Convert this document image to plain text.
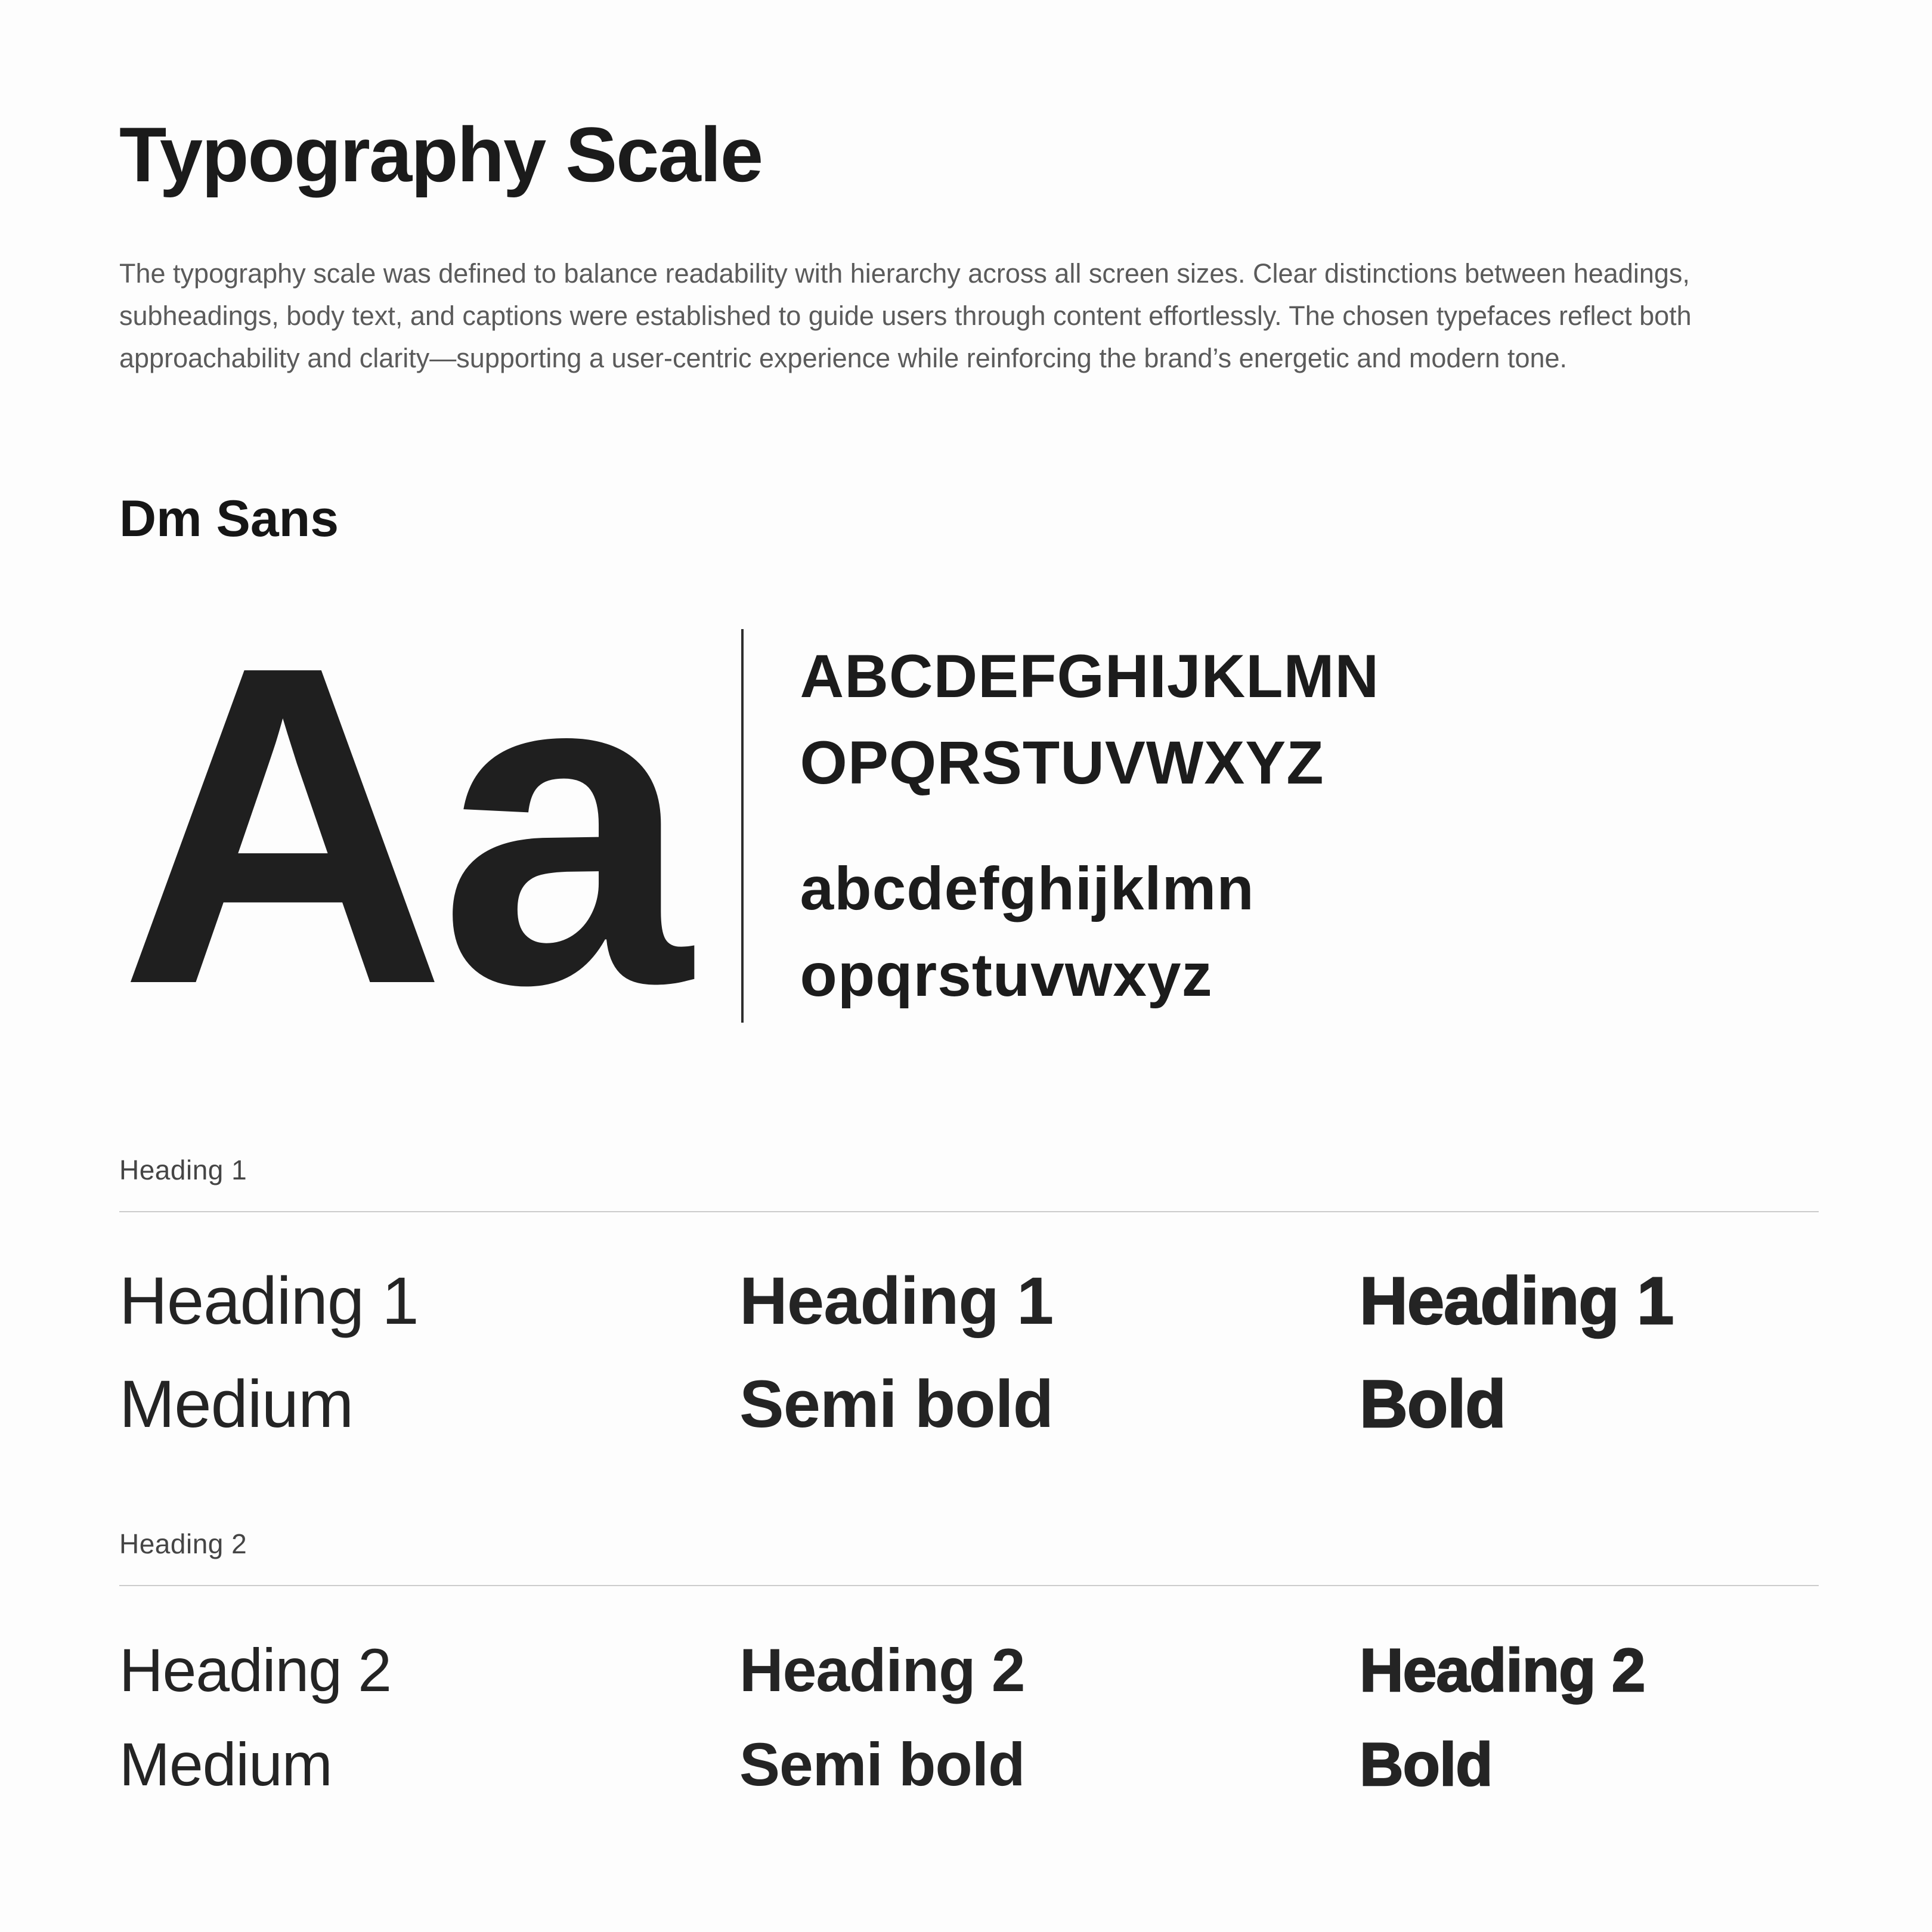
Typography Scale

The typography scale was defined to balance readability with hierarchy across all screen sizes. Clear distinctions between headings, subheadings, body text, and captions were established to guide users through content effortlessly. The chosen typefaces reflect both approachability and clarity—supporting a user-centric experience while reinforcing the brand’s energetic and modern tone.

Dm Sans
Aa ABCDEFGHIJKLMN
OPQRSTUVWXYZ
abcdefghijklmn
opqrstuvwxyz
Heading 1
Heading 1
Medium
Heading 1
Semi bold
Heading 1
Bold
Heading 2
Heading 2
Medium
Heading 2
Semi bold
Heading 2
Bold
